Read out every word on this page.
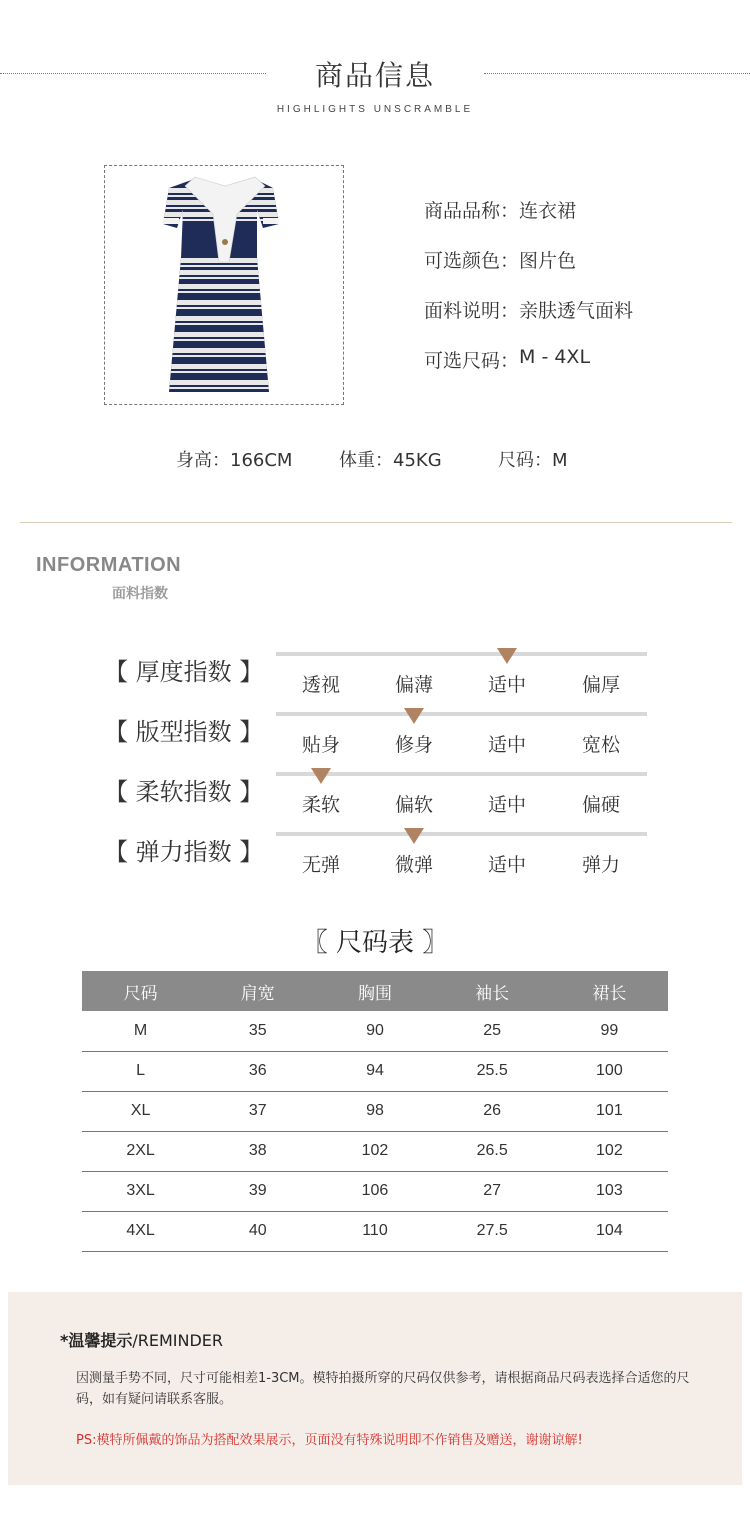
商品信息
HIGHLIGHTS UNSCRAMBLE
商品品称： 连衣裙
可选颜色： 图片色
面料说明： 亲肤透气面料
可选尺码： M - 4XL
身高：166CM	体重：45KG	尺码：M
INFORMATION
面料指数
【 厚度指数 】	透视	偏薄	适中	偏厚
【 版型指数 】	贴身	修身	适中	宽松
【 柔软指数 】	柔软	偏软	适中	偏硬
【 弹力指数 】	无弹	微弹	适中	弹力
〖 尺码表 〗
尺码	肩宽	胸围	袖长	裙长
M	35	90	25	99
L	36	94	25.5	100
XL	37	98	26	101
2XL	38	102	26.5	102
3XL	39	106	27	103
4XL	40	110	27.5	104
*温馨提示/REMINDER
因测量手势不同，尺寸可能相差1-3CM。模特拍摄所穿的尺码仅供参考，请根据商品尺码表选择合适您的尺码，如有疑问请联系客服。
PS:模特所佩戴的饰品为搭配效果展示，页面没有特殊说明即不作销售及赠送，谢谢谅解!
